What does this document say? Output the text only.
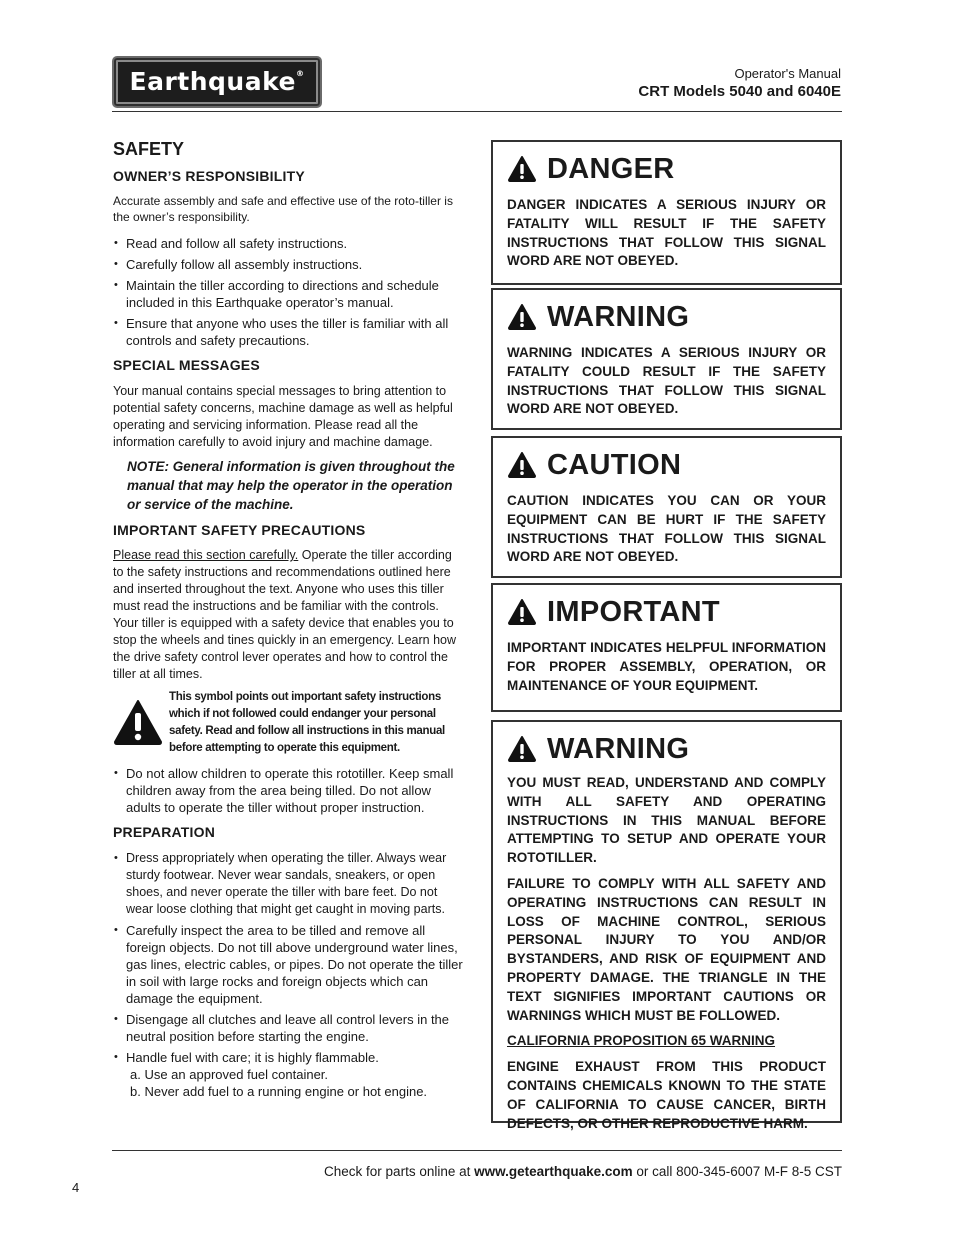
Earthquake®	Operator's Manual
CRT Models 5040 and 6040E
SAFETY
OWNER’S RESPONSIBILITY
Accurate assembly and safe and effective use of the roto-tiller is the owner’s responsibility.
• Read and follow all safety instructions.
• Carefully follow all assembly instructions.
• Maintain the tiller according to directions and schedule included in this Earthquake operator’s manual.
• Ensure that anyone who uses the tiller is familiar with all controls and safety precautions.
SPECIAL MESSAGES
Your manual contains special messages to bring attention to potential safety concerns, machine damage as well as helpful operating and servicing information. Please read all the information carefully to avoid injury and machine damage.
NOTE: General information is given throughout the manual that may help the operator in the operation or service of the machine.
IMPORTANT SAFETY PRECAUTIONS
Please read this section carefully. Operate the tiller according to the safety instructions and recommendations outlined here and inserted throughout the text. Anyone who uses this tiller must read the instructions and be familiar with the controls. Your tiller is equipped with a safety device that enables you to stop the wheels and tines quickly in an emergency. Learn how the drive safety control lever operates and how to control the tiller at all times.
This symbol points out important safety instructions which if not followed could endanger your personal safety. Read and follow all instructions in this manual before attempting to operate this equipment.
• Do not allow children to operate this rototiller. Keep small children away from the area being tilled. Do not allow adults to operate the tiller without proper instruction.
PREPARATION
• Dress appropriately when operating the tiller. Always wear sturdy footwear. Never wear sandals, sneakers, or open shoes, and never operate the tiller with bare feet. Do not wear loose clothing that might get caught in moving parts.
• Carefully inspect the area to be tilled and remove all foreign objects. Do not till above underground water lines, gas lines, electric cables, or pipes. Do not operate the tiller in soil with large rocks and foreign objects which can damage the equipment.
• Disengage all clutches and leave all control levers in the neutral position before starting the engine.
• Handle fuel with care; it is highly flammable.
a. Use an approved fuel container.
b. Never add fuel to a running engine or hot engine.
DANGER

DANGER INDICATES A SERIOUS INJURY OR FATALITY WILL RESULT IF THE SAFETY INSTRUCTIONS THAT FOLLOW THIS SIGNAL WORD ARE NOT OBEYED.

WARNING

WARNING INDICATES A SERIOUS INJURY OR FATALITY COULD RESULT IF THE SAFETY INSTRUCTIONS THAT FOLLOW THIS SIGNAL WORD ARE NOT OBEYED.

CAUTION

CAUTION INDICATES YOU CAN OR YOUR EQUIPMENT CAN BE HURT IF THE SAFETY INSTRUCTIONS THAT FOLLOW THIS SIGNAL WORD ARE NOT OBEYED.

IMPORTANT

IMPORTANT INDICATES HELPFUL INFORMATION FOR PROPER ASSEMBLY, OPERATION, OR MAINTENANCE OF YOUR EQUIPMENT.

WARNING

YOU MUST READ, UNDERSTAND AND COMPLY WITH ALL SAFETY AND OPERATING INSTRUCTIONS IN THIS MANUAL BEFORE ATTEMPTING TO SETUP AND OPERATE YOUR ROTOTILLER.

FAILURE TO COMPLY WITH ALL SAFETY AND OPERATING INSTRUCTIONS CAN RESULT IN LOSS OF MACHINE CONTROL, SERIOUS PERSONAL INJURY TO YOU AND/OR BYSTANDERS, AND RISK OF EQUIPMENT AND PROPERTY DAMAGE. THE TRIANGLE IN THE TEXT SIGNIFIES IMPORTANT CAUTIONS OR WARNINGS WHICH MUST BE FOLLOWED.

CALIFORNIA PROPOSITION 65 WARNING

ENGINE EXHAUST FROM THIS PRODUCT CONTAINS CHEMICALS KNOWN TO THE STATE OF CALIFORNIA TO CAUSE CANCER, BIRTH DEFECTS, OR OTHER REPRODUCTIVE HARM.

Check for parts online at www.getearthquake.com or call 800-345-6007 M-F 8-5 CST
4
